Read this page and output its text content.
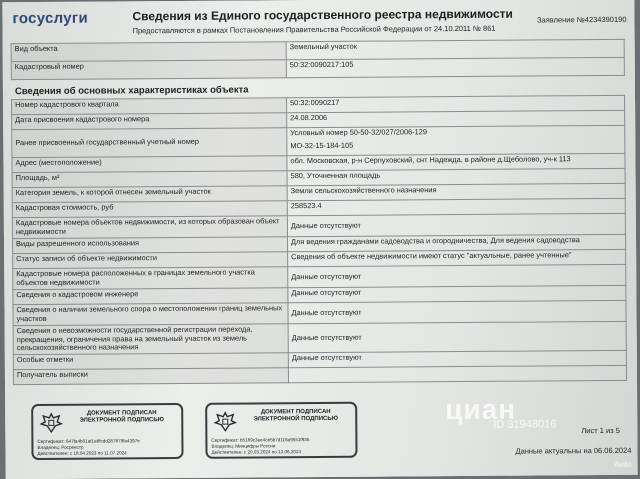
госуслуги	Сведения из Единого государственного реестра недвижимости
Предоставляются в рамках Постановления Правительства Российской Федерации от 24.10.2011 № 861
Заявление №4234390190
Вид объекта	Земельный участок
Кадастровый номер	50:32:0090217:105
Сведения об основных характеристиках объекта
Номер кадастрового квартала	50:32:0090217
Дата присвоения кадастрового номера	24.08.2006
Ранее присвоенный государственный учетный номер	Условный номер 50-50-32/027/2006-129
МО-32-15-184-105

Адрес (местоположение)	обл. Московская, р-н Серпуховский, снт Надежда, в районе д.Щеболово, уч-к 113
Площадь, м²	580, Уточненная площадь
Категория земель, к которой отнесен земельный участок	Земли сельскохозяйственного назначения
Кадастровая стоимость, руб	258523.4
Кадастровые номера объектов недвижимости, из которых образован объект недвижимости	Данные отсутствуют
Виды разрешенного использования	Для ведения гражданами садоводства и огородничества, Для ведения садоводства
Статус записи об объекте недвижимости	Сведения об объекте недвижимости имеют статус "актуальные, ранее учтенные"
Кадастровые номера расположенных в границах земельного участка объектов недвижимости	Данные отсутствуют
Сведения о кадастровом инженере	Данные отсутствуют
Сведения о наличии земельного спора о местоположении границ земельных участков	Данные отсутствуют
Сведения о невозможности государственной регистрации перехода, прекращения, ограничения права на земельный участок из земель сельскохозяйственного назначения	Данные отсутствуют
Особые отметки	Данные отсутствуют
Получатель выписки	
ДОКУМЕНТ ПОДПИСАН ЭЛЕКТРОННОЙ ПОДПИСЬЮ
Сертификат: 647fa4b01af1e8fcdd287879fa4397e
Владелец: Росреестр
Действителен: с 18.04.2023 по 11.07.2024
ДОКУМЕНТ ПОДПИСАН ЭЛЕКТРОННОЙ ПОДПИСЬЮ
Сертификат: b5189c3ee4ce5b7d116a9551f935
Владелец: Минцифры России
Действителен: с 20.03.2024 по 13.06.2024
Лист 1 из 5
Данные актуальны на 06.06.2024
циан
ID 31948016
Avito
